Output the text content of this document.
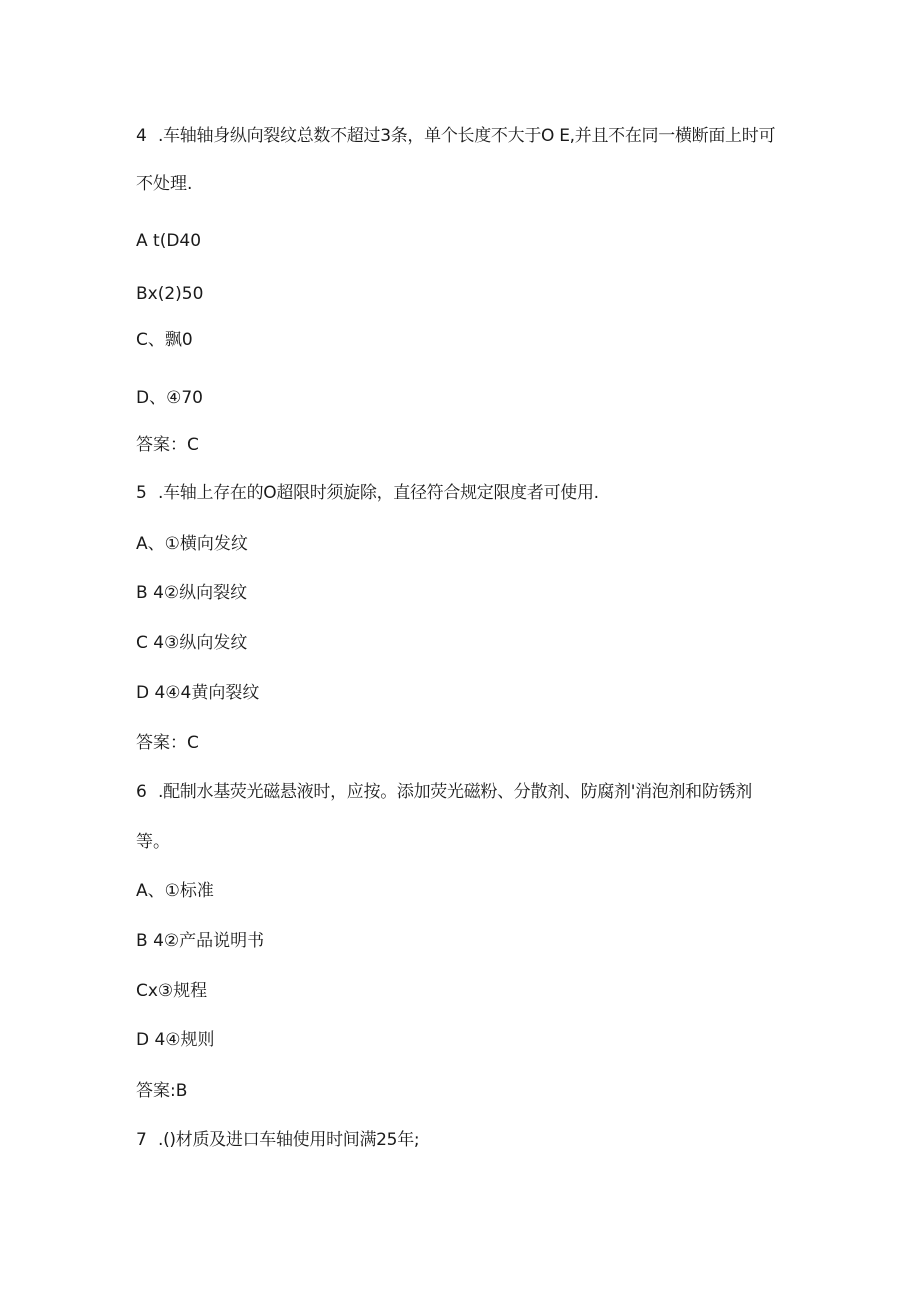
4 .车轴轴身纵向裂纹总数不超过3条，单个长度不大于O E,并且不在同一横断面上时可
不处理.
A t(D40
Bx(2)50
C、飘0
D、④70
答案：C
5 .车轴上存在的O超限时须旋除，直径符合规定限度者可使用.
A、①横向发纹
B 4②纵向裂纹
C 4③纵向发纹
D 4④4黄向裂纹
答案：C
6 .配制水基荧光磁悬液时，应按。添加荧光磁粉、分散剂、防腐剂'消泡剂和防锈剂
等。
A、①标准
B 4②产品说明书
Cx③规程
D 4④规则
答案:B
7 .()材质及进口车轴使用时间满25年;
